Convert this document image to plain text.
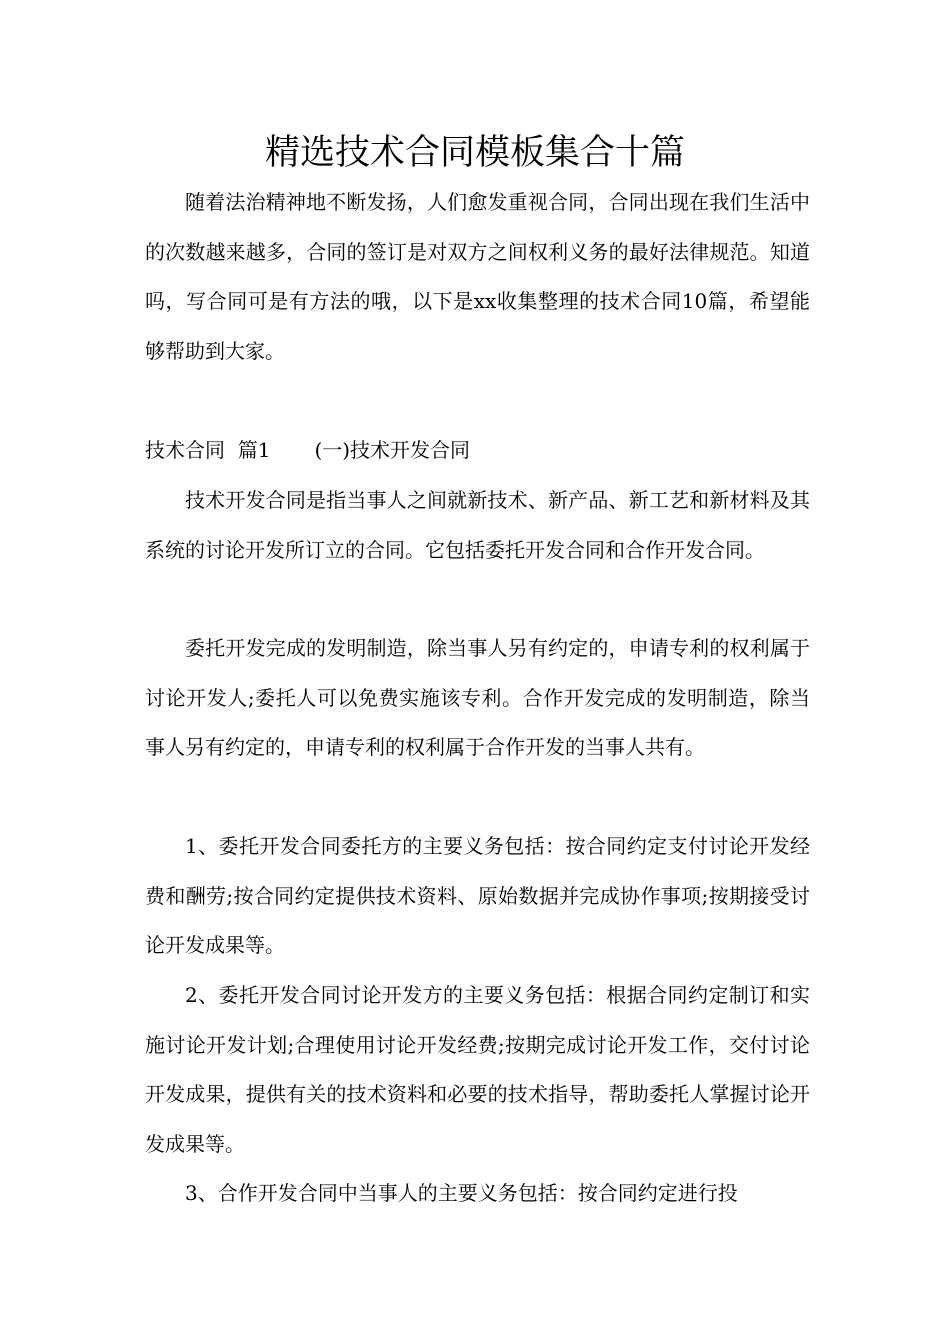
精选技术合同模板集合十篇

随着法治精神地不断发扬，人们愈发重视合同，合同出现在我们生活中的次数越来越多，合同的签订是对双方之间权利义务的最好法律规范。知道吗，写合同可是有方法的哦，以下是xx收集整理的技术合同10篇，希望能够帮助到大家。

技术合同  篇1 (一)技术开发合同

技术开发合同是指当事人之间就新技术、新产品、新工艺和新材料及其系统的讨论开发所订立的合同。它包括委托开发合同和合作开发合同。

委托开发完成的发明制造，除当事人另有约定的，申请专利的权利属于讨论开发人;委托人可以免费实施该专利。合作开发完成的发明制造，除当事人另有约定的，申请专利的权利属于合作开发的当事人共有。

1、委托开发合同委托方的主要义务包括：按合同约定支付讨论开发经费和酬劳;按合同约定提供技术资料、原始数据并完成协作事项;按期接受讨论开发成果等。

2、委托开发合同讨论开发方的主要义务包括：根据合同约定制订和实施讨论开发计划;合理使用讨论开发经费;按期完成讨论开发工作，交付讨论开发成果，提供有关的技术资料和必要的技术指导，帮助委托人掌握讨论开发成果等。

3、合作开发合同中当事人的主要义务包括：按合同约定进行投
